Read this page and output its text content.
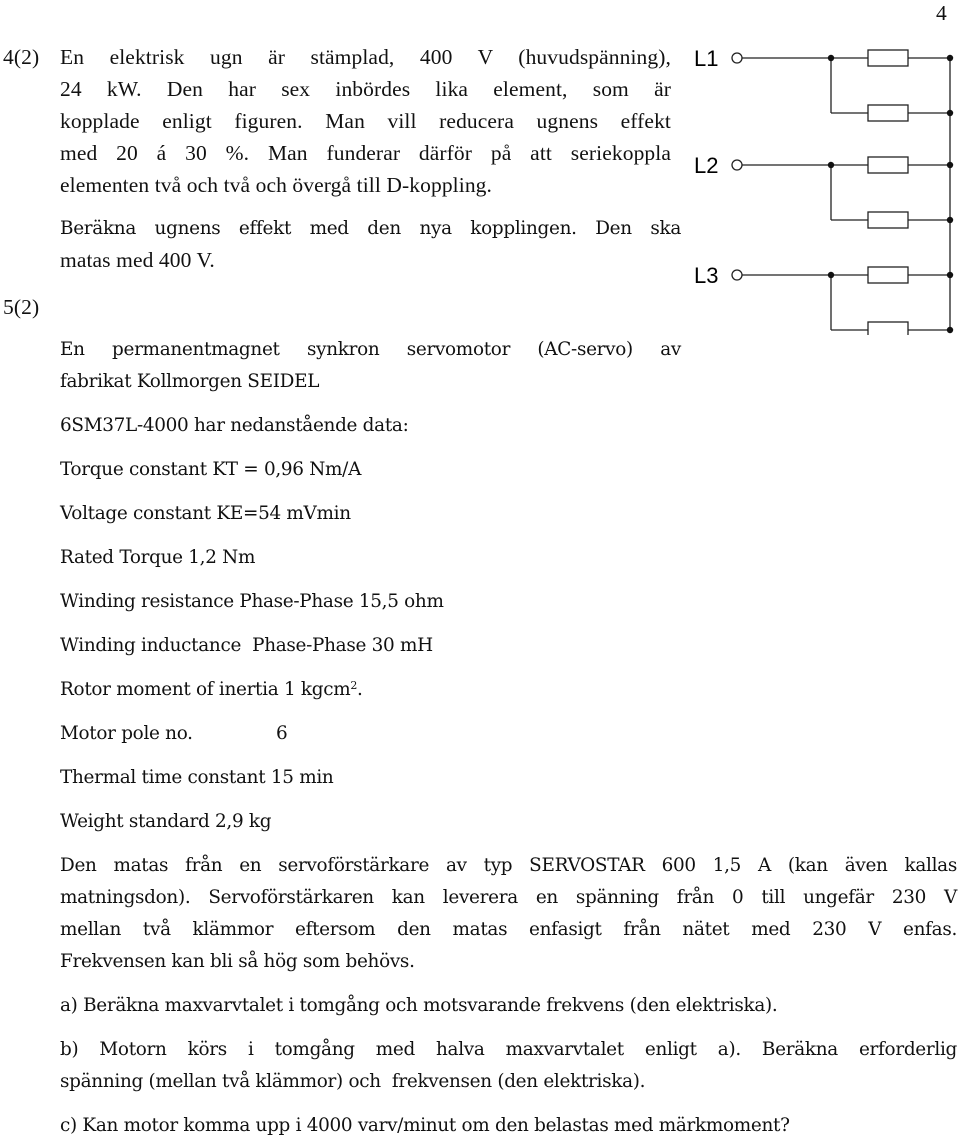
4
4(2) En elektrisk ugn är stämplad, 400 V (huvudspänning),
24 kW. Den har sex inbördes lika element, som är
kopplade enligt figuren. Man vill reducera ugnens effekt
med 20 á 30 %. Man funderar därför på att seriekoppla
elementen två och två och övergå till D-koppling.
Beräkna ugnens effekt med den nya kopplingen. Den ska
matas med 400 V.
5(2)
En permanentmagnet synkron servomotor (AC-servo) av
fabrikat Kollmorgen SEIDEL
6SM37L-4000 har nedanstående data:
Torque constant KT = 0,96 Nm/A
Voltage constant KE=54 mVmin
Rated Torque 1,2 Nm
Winding resistance Phase-Phase 15,5 ohm
Winding inductance  Phase-Phase 30 mH
Rotor moment of inertia 1 kgcm$^2$.
Motor pole no.	6
Thermal time constant 15 min
Weight standard 2,9 kg
Den matas från en servoförstärkare av typ SERVOSTAR 600 1,5 A (kan även kallas
matningsdon). Servoförstärkaren kan leverera en spänning från 0 till ungefär 230 V
mellan två klämmor eftersom den matas enfasigt från nätet med 230 V enfas.
Frekvensen kan bli så hög som behövs.
a) Beräkna maxvarvtalet i tomgång och motsvarande frekvens (den elektriska).
b) Motorn körs i tomgång med halva maxvarvtalet enligt a). Beräkna erforderlig
spänning (mellan två klämmor) och  frekvensen (den elektriska).
c) Kan motor komma upp i 4000 varv/minut om den belastas med märkmoment?
L1
L2
L3
